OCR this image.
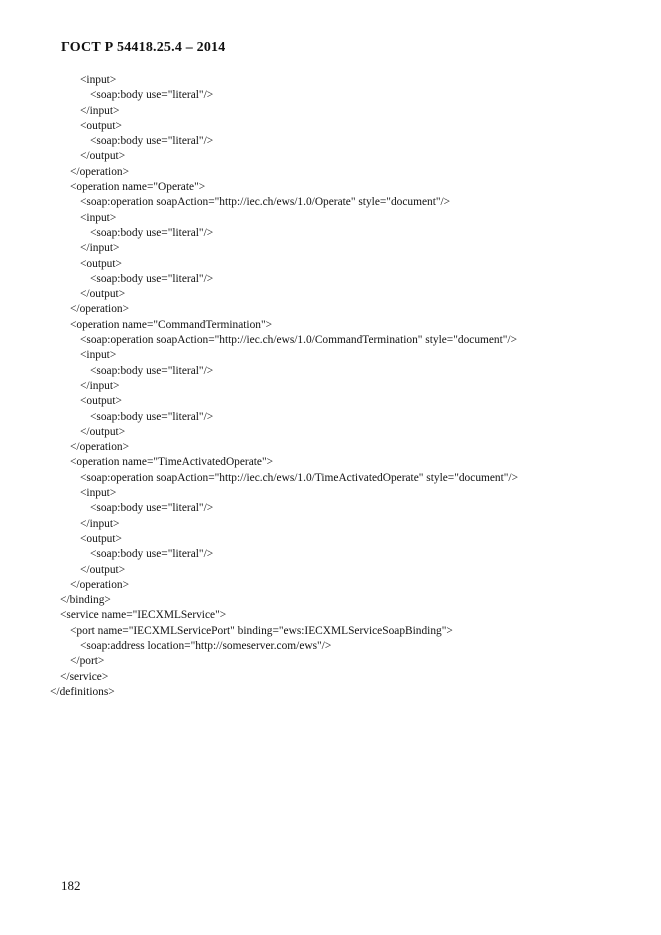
ГОСТ Р 54418.25.4 – 2014
<input>
<soap:body use="literal"/>
</input>
<output>
<soap:body use="literal"/>
</output>
</operation>
<operation name="Operate">
<soap:operation soapAction="http://iec.ch/ews/1.0/Operate" style="document"/>
<input>
<soap:body use="literal"/>
</input>
<output>
<soap:body use="literal"/>
</output>
</operation>
<operation name="CommandTermination">
<soap:operation soapAction="http://iec.ch/ews/1.0/CommandTermination" style="document"/>
<input>
<soap:body use="literal"/>
</input>
<output>
<soap:body use="literal"/>
</output>
</operation>
<operation name="TimeActivatedOperate">
<soap:operation soapAction="http://iec.ch/ews/1.0/TimeActivatedOperate" style="document"/>
<input>
<soap:body use="literal"/>
</input>
<output>
<soap:body use="literal"/>
</output>
</operation>
</binding>
<service name="IECXMLService">
<port name="IECXMLServicePort" binding="ews:IECXMLServiceSoapBinding">
<soap:address location="http://someserver.com/ews"/>
</port>
</service>
</definitions>
182
